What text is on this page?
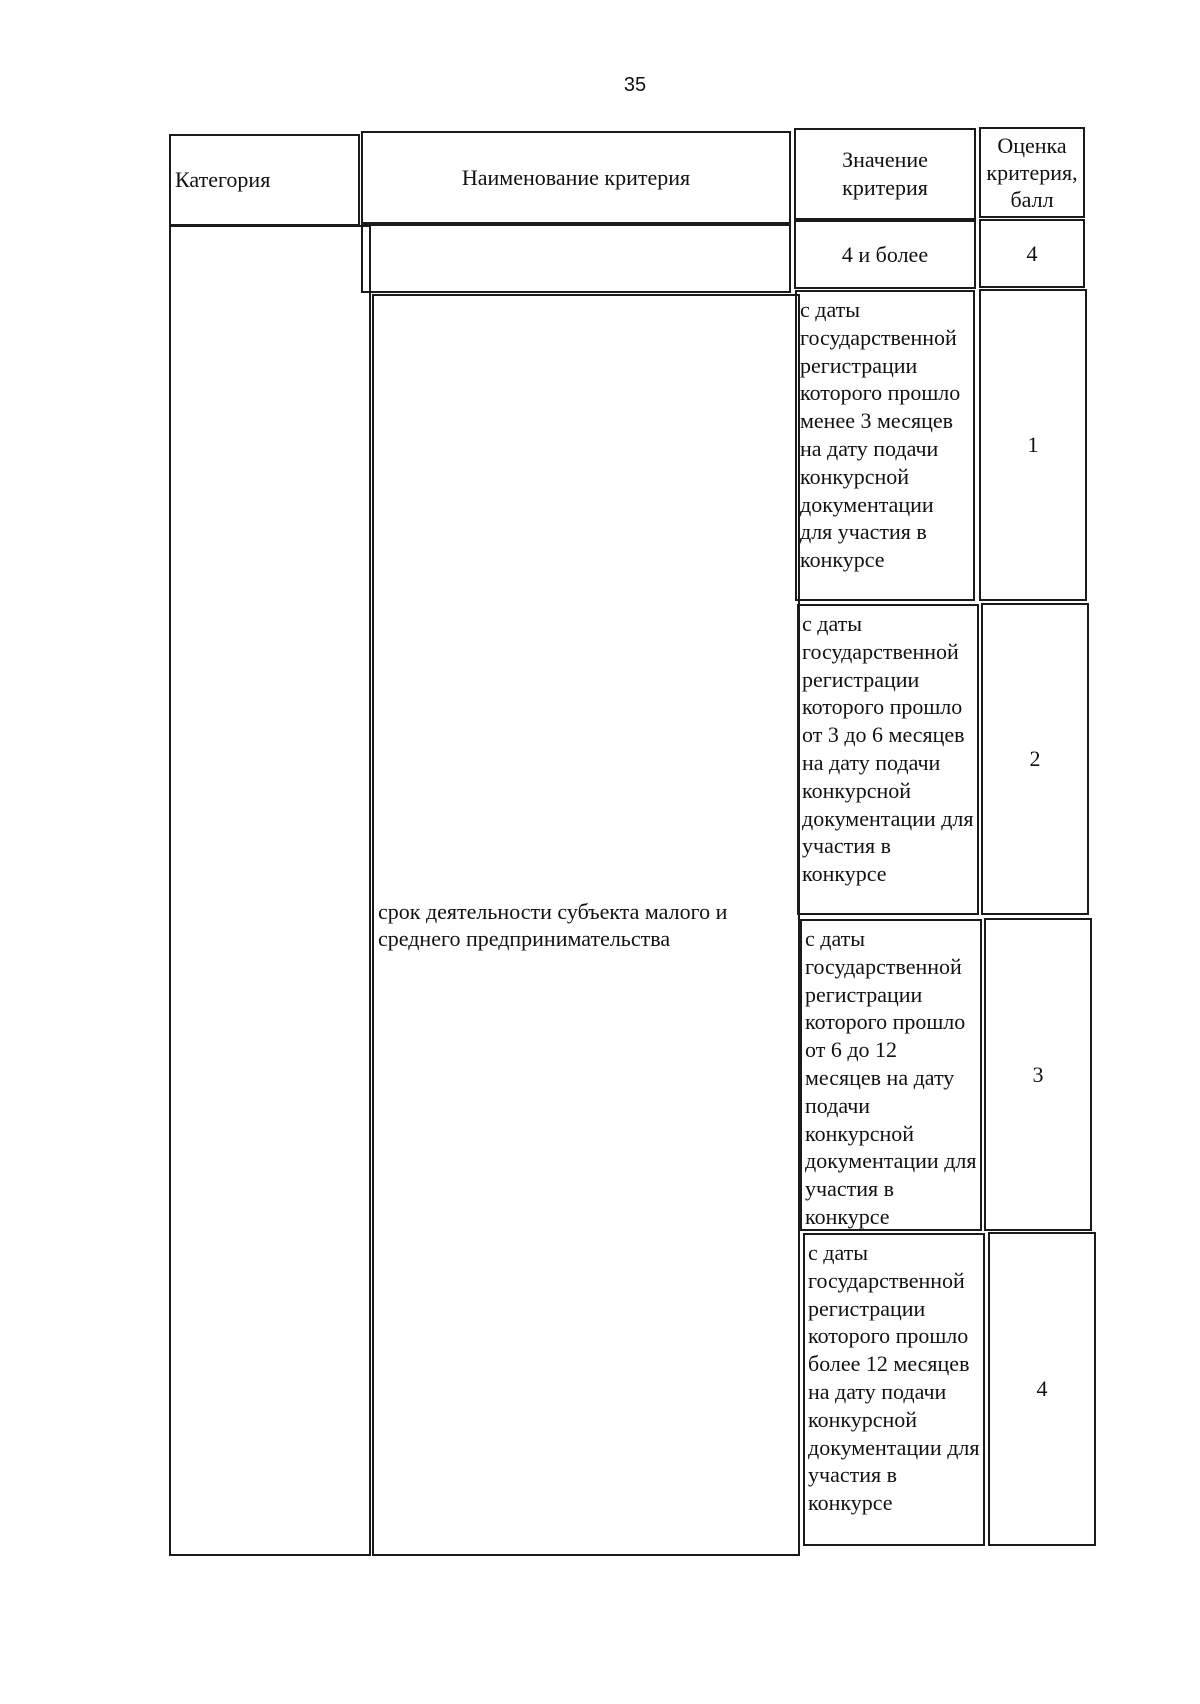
35
Категория	Наименование критерия
Значение критерия
Оценка критерия, балл
4 и более	4
срок деятельности субъекта малого и среднего предпринимательства
с даты государственной регистрации которого прошло менее 3 месяцев на дату подачи конкурсной документации для участия в конкурсе
1
с даты государственной регистрации которого прошло от 3 до 6 месяцев на дату подачи конкурсной документации для участия в конкурсе
2
с даты государственной регистрации которого прошло от 6 до 12 месяцев на дату подачи конкурсной документации для участия в конкурсе
3
с даты государственной регистрации которого прошло более 12 месяцев на дату подачи конкурсной документации для участия в конкурсе
4
